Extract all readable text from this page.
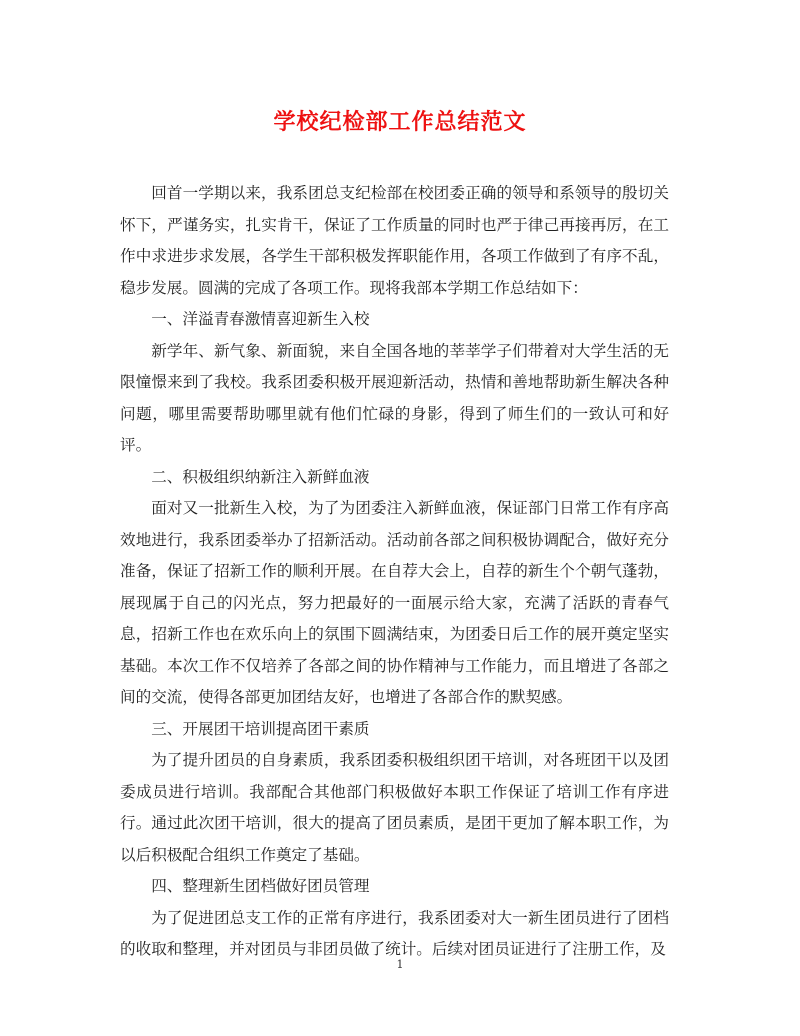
学校纪检部工作总结范文

回首一学期以来，我系团总支纪检部在校团委正确的领导和系领导的殷切关怀下，严谨务实，扎实肯干，保证了工作质量的同时也严于律己再接再厉，在工作中求进步求发展，各学生干部积极发挥职能作用，各项工作做到了有序不乱，稳步发展。圆满的完成了各项工作。现将我部本学期工作总结如下：

一、洋溢青春激情喜迎新生入校

新学年、新气象、新面貌，来自全国各地的莘莘学子们带着对大学生活的无限憧憬来到了我校。我系团委积极开展迎新活动，热情和善地帮助新生解决各种问题，哪里需要帮助哪里就有他们忙碌的身影，得到了师生们的一致认可和好评。

二、积极组织纳新注入新鲜血液

面对又一批新生入校，为了为团委注入新鲜血液，保证部门日常工作有序高效地进行，我系团委举办了招新活动。活动前各部之间积极协调配合，做好充分准备，保证了招新工作的顺利开展。在自荐大会上，自荐的新生个个朝气蓬勃，展现属于自己的闪光点，努力把最好的一面展示给大家，充满了活跃的青春气息，招新工作也在欢乐向上的氛围下圆满结束，为团委日后工作的展开奠定坚实基础。本次工作不仅培养了各部之间的协作精神与工作能力，而且增进了各部之间的交流，使得各部更加团结友好，也增进了各部合作的默契感。

三、开展团干培训提高团干素质

为了提升团员的自身素质，我系团委积极组织团干培训，对各班团干以及团委成员进行培训。我部配合其他部门积极做好本职工作保证了培训工作有序进行。通过此次团干培训，很大的提高了团员素质，是团干更加了解本职工作，为以后积极配合组织工作奠定了基础。

四、整理新生团档做好团员管理

为了促进团总支工作的正常有序进行，我系团委对大一新生团员进行了团档的收取和整理，并对团员与非团员做了统计。后续对团员证进行了注册工作，及

1
